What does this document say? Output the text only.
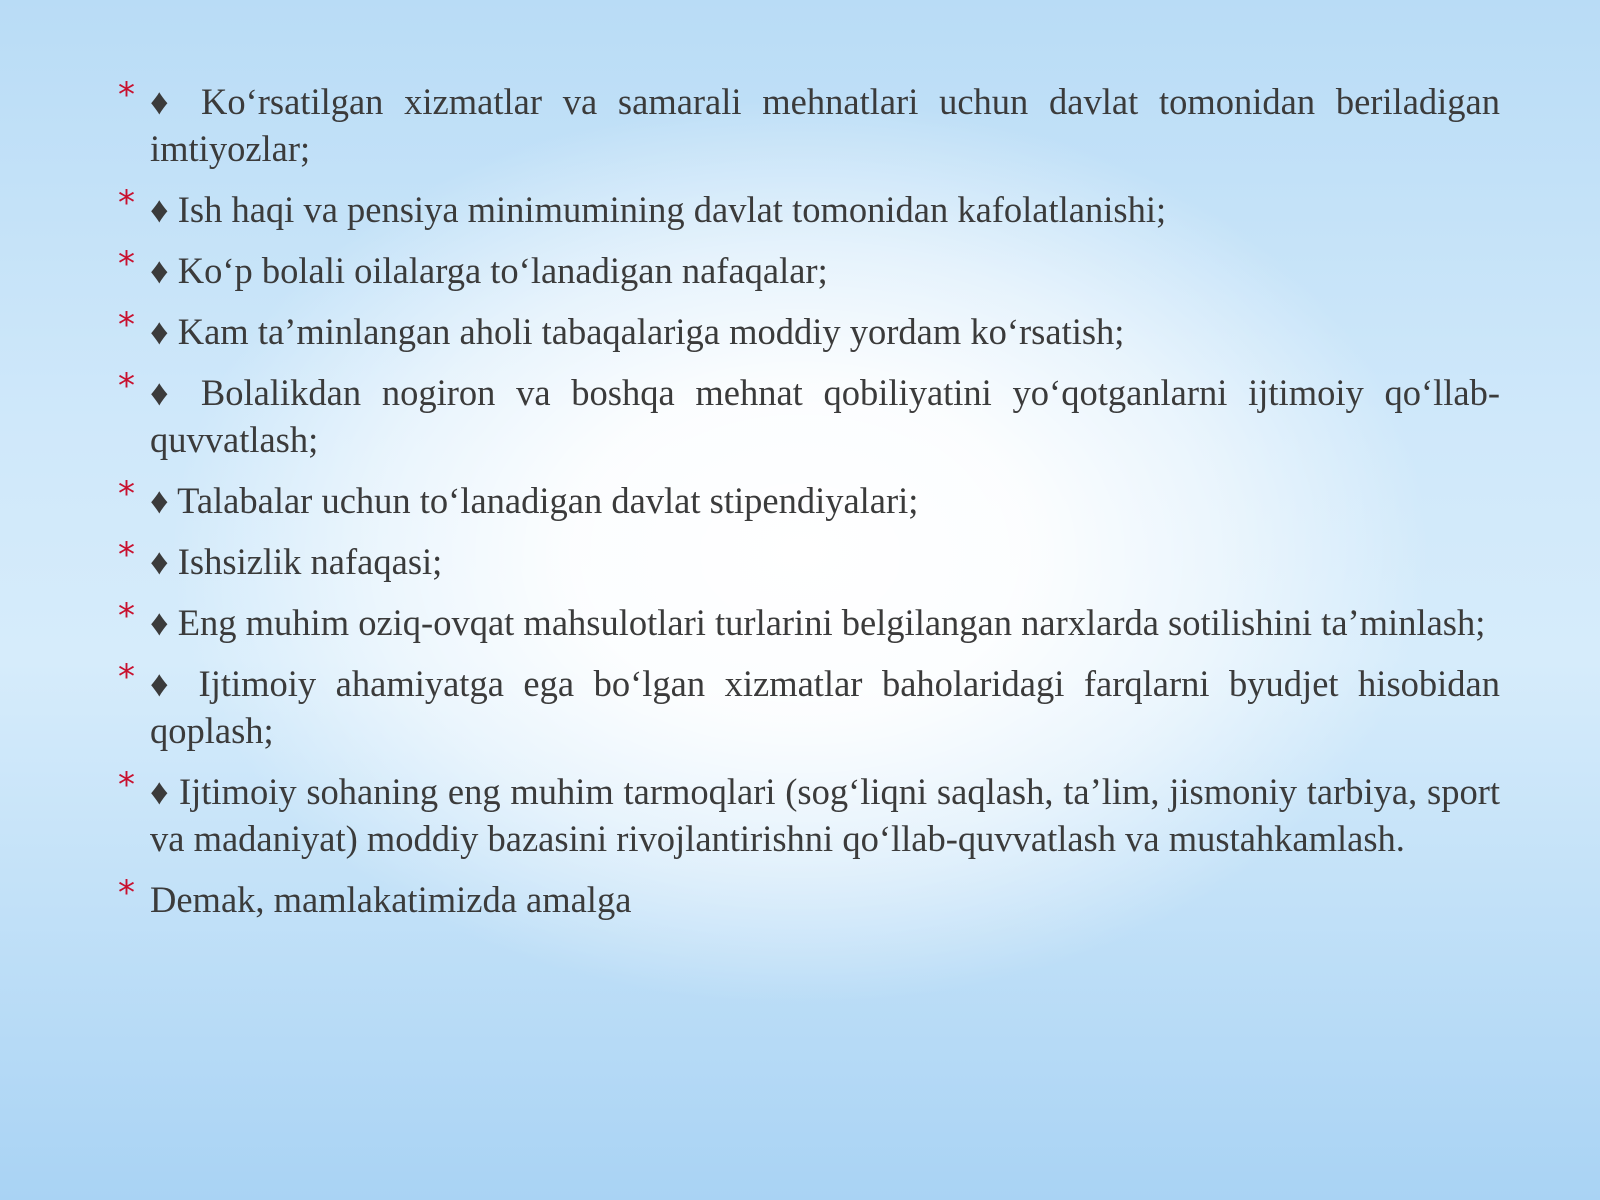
* ♦ Ko‘rsatilgan xizmatlar va samarali mehnatlari uchun davlat tomonidan beriladigan imtiyozlar;
* ♦ Ish haqi va pensiya minimumining davlat tomonidan kafolatlanishi;
* ♦ Ko‘p bolali oilalarga to‘lanadigan nafaqalar;
* ♦ Kam ta’minlangan aholi tabaqalariga moddiy yordam ko‘rsatish;
* ♦ Bolalikdan nogiron va boshqa mehnat qobiliyatini yo‘qotganlarni ijtimoiy qo‘llab-quvvatlash;
* ♦ Talabalar uchun to‘lanadigan davlat stipendiyalari;
* ♦ Ishsizlik nafaqasi;
* ♦ Eng muhim oziq-ovqat mahsulotlari turlarini belgilangan narxlarda sotilishini ta’minlash;
* ♦ Ijtimoiy ahamiyatga ega bo‘lgan xizmatlar baholaridagi farqlarni byudjet hisobidan qoplash;
* ♦ Ijtimoiy sohaning eng muhim tarmoqlari (sog‘liqni saqlash, ta’lim, jismoniy tarbiya, sport va madaniyat) moddiy bazasini rivojlantirishni qo‘llab-quvvatlash va mustahkamlash.
* Demak, mamlakatimizda amalga
